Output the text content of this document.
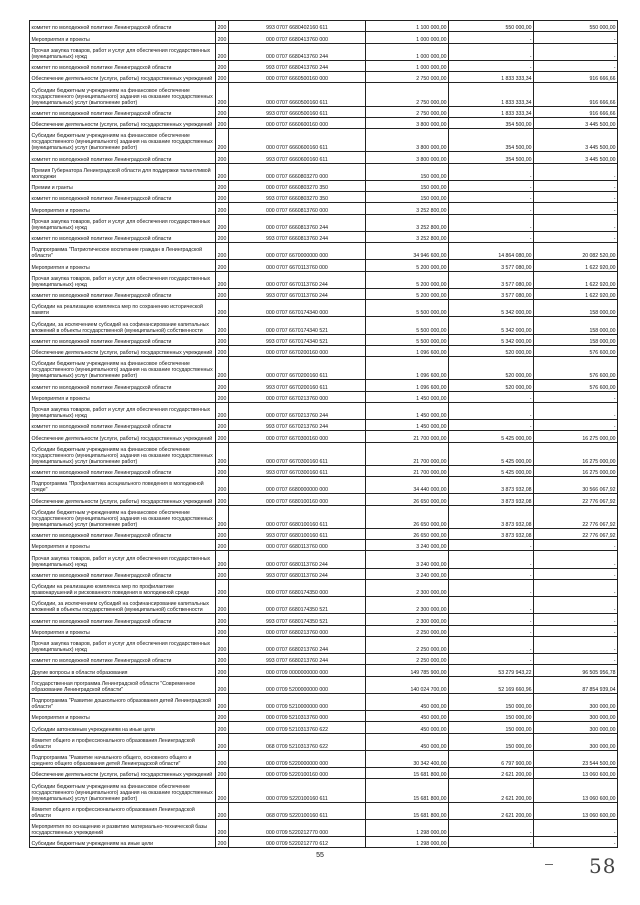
комитет по молодежной политике Ленинградской области	200	993 0707 6680402160 611	1 100 000,00	550 000,00	550 000,00
Мероприятия и проекты	200	000 0707 6680413760 000	1 000 000,00	-	-
Прочая закупка товаров, работ и услуг для обеспечения государственных (муниципальных) нужд	200	000 0707 6680413760 244	1 000 000,00	-	-
комитет по молодежной политике Ленинградской области	200	993 0707 6680413760 244	1 000 000,00	-	-
Обеспечение деятельности (услуги, работы) государственных учреждений	200	000 0707 6660500160 000	2 750 000,00	1 833 333,34	916 666,66
Субсидии бюджетным учреждениям на финансовое обеспечение государственного (муниципального) задания на оказание государственных (муниципальных) услуг (выполнение работ)	200	000 0707 6660500160 611	2 750 000,00	1 833 333,34	916 666,66
комитет по молодежной политике Ленинградской области	200	993 0707 6660500160 611	2 750 000,00	1 833 333,34	916 666,66
Обеспечение деятельности (услуги, работы) государственных учреждений	200	000 0707 6660600160 000	3 800 000,00	354 500,00	3 445 500,00
Субсидии бюджетным учреждениям на финансовое обеспечение государственного (муниципального) задания на оказание государственных (муниципальных) услуг (выполнение работ)	200	000 0707 6660600160 611	3 800 000,00	354 500,00	3 445 500,00
комитет по молодежной политике Ленинградской области	200	993 0707 6660600160 611	3 800 000,00	354 500,00	3 445 500,00
Премия Губернатора Ленинградской области для поддержки талантливой молодежи	200	000 0707 6660803270 000	150 000,00	-	-
Премии и гранты	200	000 0707 6660803270 350	150 000,00	-	-
комитет по молодежной политике Ленинградской области	200	993 0707 6660803270 350	150 000,00	-	-
Мероприятия и проекты	200	000 0707 6660813760 000	3 252 800,00	-	-
Прочая закупка товаров, работ и услуг для обеспечения государственных (муниципальных) нужд	200	000 0707 6660813760 244	3 252 800,00	-	-
комитет по молодежной политике Ленинградской области	200	993 0707 6660813760 244	3 252 800,00	-	-
Подпрограмма "Патриотическое воспитание граждан в Ленинградской области"	200	000 0707 6670000000 000	34 946 600,00	14 864 080,00	20 082 520,00
Мероприятия и проекты	200	000 0707 6670113760 000	5 200 000,00	3 577 080,00	1 622 920,00
Прочая закупка товаров, работ и услуг для обеспечения государственных (муниципальных) нужд	200	000 0707 6670113760 244	5 200 000,00	3 577 080,00	1 622 920,00
комитет по молодежной политике Ленинградской области	200	993 0707 6670113760 244	5 200 000,00	3 577 080,00	1 622 920,00
Субсидии на реализацию комплекса мер по сохранению исторической памяти	200	000 0707 6670174340 000	5 500 000,00	5 342 000,00	158 000,00
Субсидии, за исключением субсидий на софинансирование капитальных вложений в объекты государственной (муниципальной) собственности	200	000 0707 6670174340 521	5 500 000,00	5 342 000,00	158 000,00
комитет по молодежной политике Ленинградской области	200	993 0707 6670174340 521	5 500 000,00	5 342 000,00	158 000,00
Обеспечение деятельности (услуги, работы) государственных учреждений	200	000 0707 6670200160 000	1 096 600,00	520 000,00	576 600,00
Субсидии бюджетным учреждениям на финансовое обеспечение государственного (муниципального) задания на оказание государственных (муниципальных) услуг (выполнение работ)	200	000 0707 6670200160 611	1 096 600,00	520 000,00	576 600,00
комитет по молодежной политике Ленинградской области	200	993 0707 6670200160 611	1 096 600,00	520 000,00	576 600,00
Мероприятия и проекты	200	000 0707 6670213760 000	1 450 000,00	-	-
Прочая закупка товаров, работ и услуг для обеспечения государственных (муниципальных) нужд	200	000 0707 6670213760 244	1 450 000,00	-	-
комитет по молодежной политике Ленинградской области	200	993 0707 6670213760 244	1 450 000,00	-	-
Обеспечение деятельности (услуги, работы) государственных учреждений	200	000 0707 6670300160 000	21 700 000,00	5 425 000,00	16 275 000,00
Субсидии бюджетным учреждениям на финансовое обеспечение государственного (муниципального) задания на оказание государственных (муниципальных) услуг (выполнение работ)	200	000 0707 6670300160 611	21 700 000,00	5 425 000,00	16 275 000,00
комитет по молодежной политике Ленинградской области	200	993 0707 6670300160 611	21 700 000,00	5 425 000,00	16 275 000,00
Подпрограмма "Профилактика асоциального поведения в молодежной среде"	200	000 0707 6680000000 000	34 440 000,00	3 873 932,08	30 566 067,92
Обеспечение деятельности (услуги, работы) государственных учреждений	200	000 0707 6680100160 000	26 650 000,00	3 873 932,08	22 776 067,92
Субсидии бюджетным учреждениям на финансовое обеспечение государственного (муниципального) задания на оказание государственных (муниципальных) услуг (выполнение работ)	200	000 0707 6680100160 611	26 650 000,00	3 873 932,08	22 776 067,92
комитет по молодежной политике Ленинградской области	200	993 0707 6680100160 611	26 650 000,00	3 873 932,08	22 776 067,92
Мероприятия и проекты	200	000 0707 6680113760 000	3 240 000,00	-	-
Прочая закупка товаров, работ и услуг для обеспечения государственных (муниципальных) нужд	200	000 0707 6680113760 244	3 240 000,00	-	-
комитет по молодежной политике Ленинградской области	200	993 0707 6680113760 244	3 240 000,00	-	-
Субсидии на реализацию комплекса мер по профилактике правонарушений и рискованного поведения в молодежной среде	200	000 0707 6680174350 000	2 300 000,00	-	-
Субсидии, за исключением субсидий на софинансирование капитальных вложений в объекты государственной (муниципальной) собственности	200	000 0707 6680174350 521	2 300 000,00	-	-
комитет по молодежной политике Ленинградской области	200	993 0707 6680174350 521	2 300 000,00	-	-
Мероприятия и проекты	200	000 0707 6680213760 000	2 250 000,00	-	-
Прочая закупка товаров, работ и услуг для обеспечения государственных (муниципальных) нужд	200	000 0707 6680213760 244	2 250 000,00	-	-
комитет по молодежной политике Ленинградской области	200	993 0707 6680213760 244	2 250 000,00	-	-
Другие вопросы в области образования	200	000 0709 0000000000 000	149 785 900,00	53 279 943,22	96 505 956,78
Государственная программа Ленинградской области "Современное образование Ленинградской области"	200	000 0709 5200000000 000	140 024 700,00	52 169 660,96	87 854 939,04
Подпрограмма "Развитие дошкольного образования детей Ленинградской области"	200	000 0709 5210000000 000	450 000,00	150 000,00	300 000,00
Мероприятия и проекты	200	000 0709 5210313760 000	450 000,00	150 000,00	300 000,00
Субсидии автономным учреждениям на иные цели	200	000 0709 5210313760 622	450 000,00	150 000,00	300 000,00
Комитет общего и профессионального образования Ленинградской области	200	068 0709 5210313760 622	450 000,00	150 000,00	300 000,00
Подпрограмма "Развитие начального общего, основного общего и среднего общего образования детей Ленинградской области"	200	000 0709 5220000000 000	30 342 400,00	6 797 900,00	23 544 500,00
Обеспечение деятельности (услуги, работы) государственных учреждений	200	000 0709 5220100160 000	15 681 800,00	2 621 200,00	13 060 600,00
Субсидии бюджетным учреждениям на финансовое обеспечение государственного (муниципального) задания на оказание государственных (муниципальных) услуг (выполнение работ)	200	000 0709 5220100160 611	15 681 800,00	2 621 200,00	13 060 600,00
Комитет общего и профессионального образования Ленинградской области	200	068 0709 5220100160 611	15 681 800,00	2 621 200,00	13 060 600,00
Мероприятия по оснащению и развитию материально-технической базы государственных учреждений	200	000 0709 5220212770 000	1 298 000,00	-	-
Субсидии бюджетным учреждениям на иные цели	200	000 0709 5220212770 612	1 298 000,00	-	-
55	58
